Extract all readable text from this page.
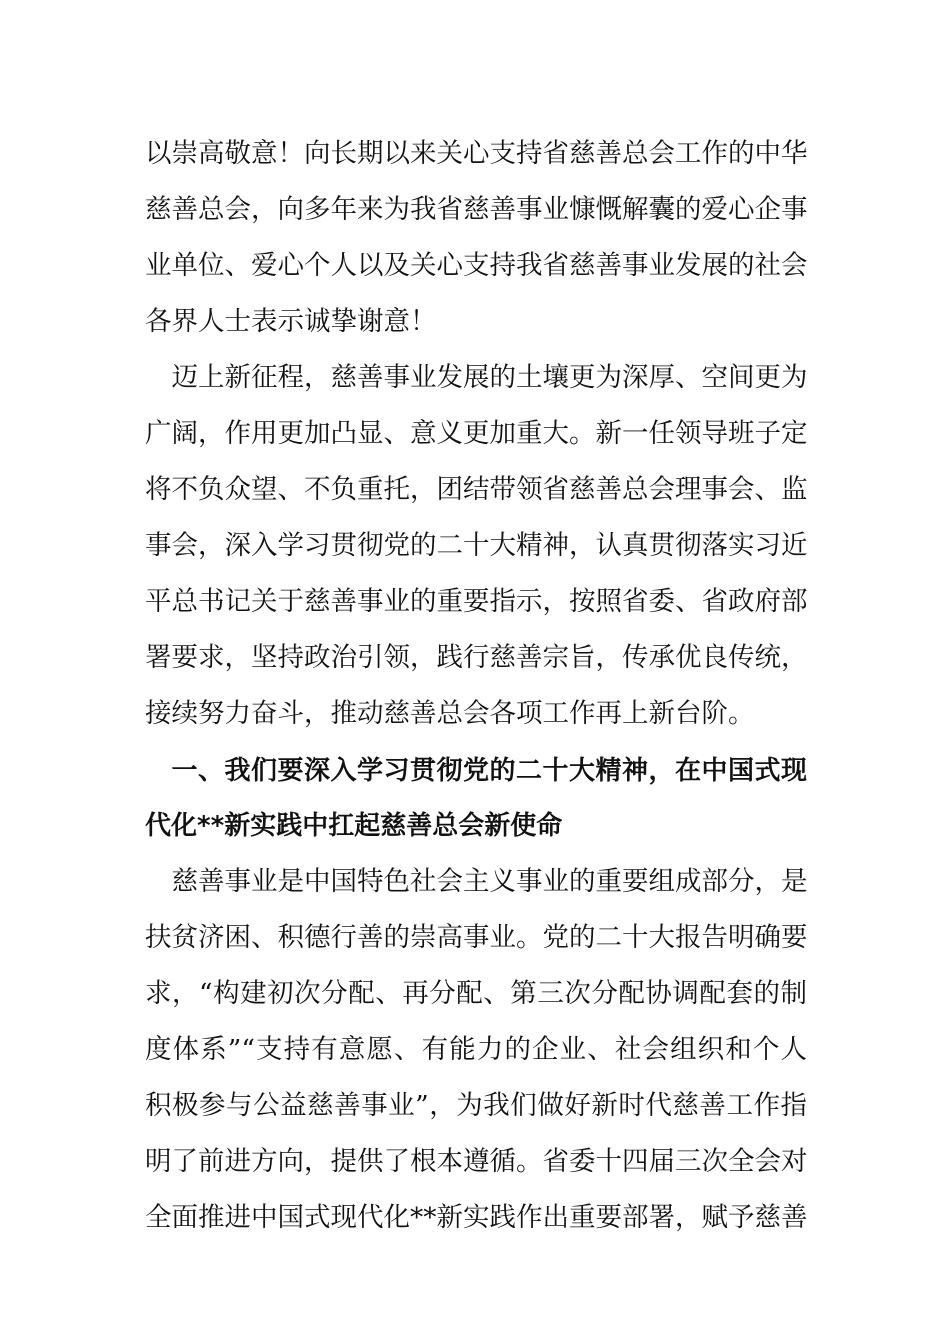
以崇高敬意！向长期以来关心支持省慈善总会工作的中华
慈善总会，向多年来为我省慈善事业慷慨解囊的爱心企事
业单位、爱心个人以及关心支持我省慈善事业发展的社会
各界人士表示诚挚谢意！
　迈上新征程，慈善事业发展的土壤更为深厚、空间更为
广阔，作用更加凸显、意义更加重大。新一任领导班子定
将不负众望、不负重托，团结带领省慈善总会理事会、监
事会，深入学习贯彻党的二十大精神，认真贯彻落实习近
平总书记关于慈善事业的重要指示，按照省委、省政府部
署要求，坚持政治引领，践行慈善宗旨，传承优良传统，
接续努力奋斗，推动慈善总会各项工作再上新台阶。
　一、我们要深入学习贯彻党的二十大精神，在中国式现
代化**新实践中扛起慈善总会新使命
　慈善事业是中国特色社会主义事业的重要组成部分，是
扶贫济困、积德行善的崇高事业。党的二十大报告明确要
求，“构建初次分配、再分配、第三次分配协调配套的制
度体系”“支持有意愿、有能力的企业、社会组织和个人
积极参与公益慈善事业”，为我们做好新时代慈善工作指
明了前进方向，提供了根本遵循。省委十四届三次全会对
全面推进中国式现代化**新实践作出重要部署，赋予慈善
